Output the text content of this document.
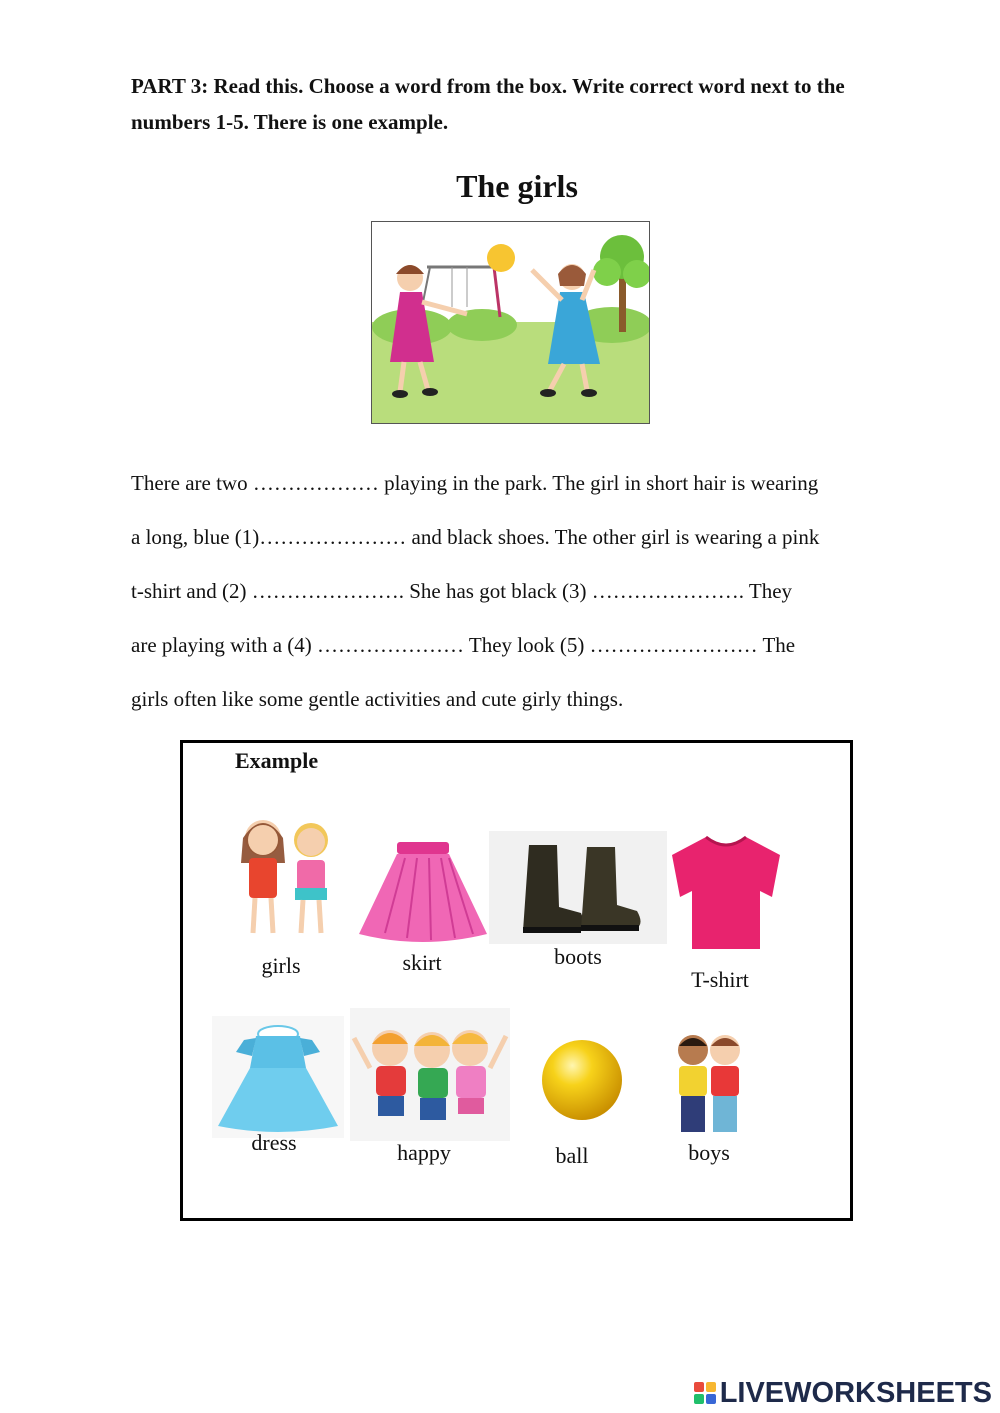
PART 3: Read this. Choose a word from the box. Write correct word next to the numbers 1-5. There is one example.

The girls
There are two ……………… playing in the park. The girl in short hair is wearing
a long, blue (1)………………… and black shoes. The other girl is wearing a pink
t-shirt and (2) …………………. She has got black (3) …………………. They
are playing with a (4) ………………… They look (5) …………………… The
girls often like some gentle activities and cute girly things.
Example
girls	skirt	boots
T-shirt
dress	happy	ball	boys
LIVEWORKSHEETS
